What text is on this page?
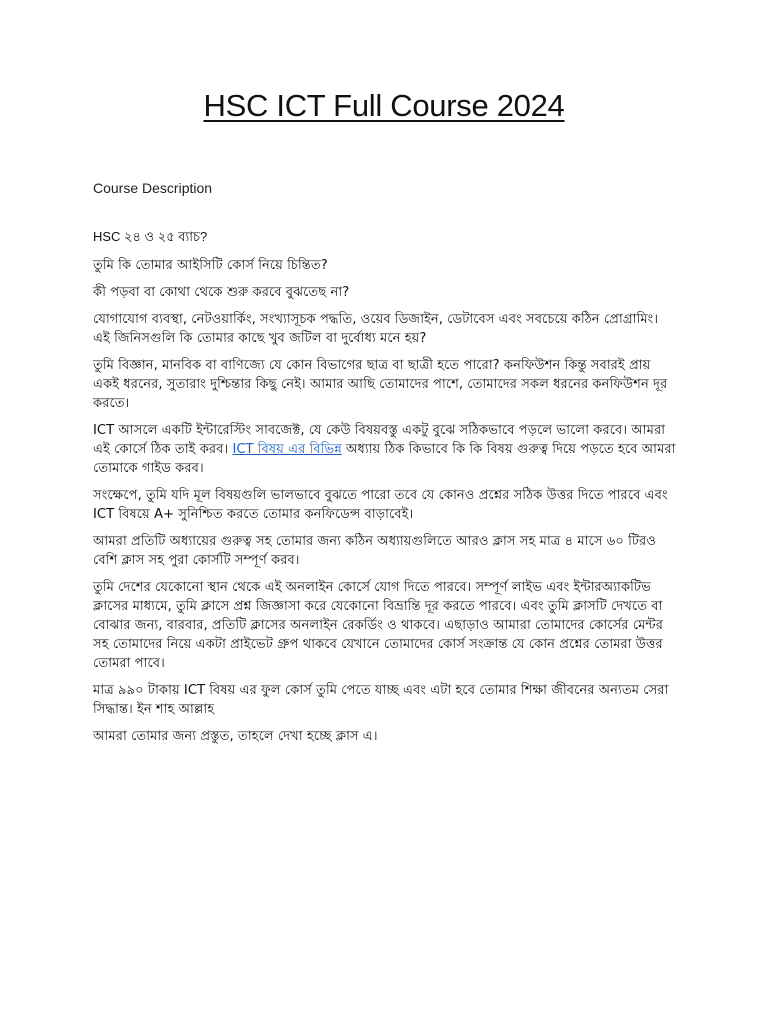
HSC ICT Full Course 2024
Course Description

HSC ২৪ ও ২৫ ব্যাচ?

তুমি কি তোমার আইসিটি কোর্স নিয়ে চিন্তিত?

কী পড়বা বা কোথা থেকে শুরু করবে বুঝতেছ না?

যোগাযোগ ব্যবস্থা, নেটওয়ার্কিং, সংখ্যাসূচক পদ্ধতি, ওয়েব ডিজাইন, ডেটাবেস এবং সবচেয়ে কঠিন প্রোগ্রামিং। এই জিনিসগুলি কি তোমার কাছে খুব জটিল বা দুর্বোধ্য মনে হয়?

তুমি বিজ্ঞান, মানবিক বা বাণিজ্যে যে কোন বিভাগের ছাত্র বা ছাত্রী হতে পারো? কনফিউশন কিন্তু সবারই প্রায় একই ধরনের, সুতারাং দুশ্চিন্তার কিছু নেই। আমার আছি তোমাদের পাশে, তোমাদের সকল ধরনের কনফিউশন দূর করতে।

ICT আসলে একটি ইন্টারেস্টিং সাবজেক্ট, যে কেউ বিষয়বস্তু একটু বুঝে সঠিকভাবে পড়লে ভালো করবে। আমরা এই কোর্সে ঠিক তাই করব। ICT বিষয় এর বিভিন্ন অধ্যায় ঠিক কিভাবে কি কি বিষয় গুরুত্ব দিয়ে পড়তে হবে আমরা তোমাকে গাইড করব।

সংক্ষেপে, তুমি যদি মূল বিষয়গুলি ভালভাবে বুঝতে পারো তবে যে কোনও প্রশ্নের সঠিক উত্তর দিতে পারবে এবং ICT বিষয়ে A+ সুনিশ্চিত করতে তোমার কনফিডেন্স বাড়াবেই।

আমরা প্রতিটি অধ্যায়ের গুরুত্ব সহ তোমার জন্য কঠিন অধ্যায়গুলিতে আরও ক্লাস সহ মাত্র ৪ মাসে ৬০ টিরও বেশি ক্লাস সহ পুরা কোর্সটি সম্পূর্ণ করব।

তুমি দেশের যেকোনো স্থান থেকে এই অনলাইন কোর্সে যোগ দিতে পারবে। সম্পূর্ণ লাইভ এবং ইন্টারঅ্যাকটিভ ক্লাসের মাধ্যমে, তুমি ক্লাসে প্রশ্ন জিজ্ঞাসা করে যেকোনো বিভ্রান্তি দূর করতে পারবে। এবং তুমি ক্লাসটি দেখতে বা বোঝার জন্য, বারবার, প্রতিটি ক্লাসের অনলাইন রেকর্ডিং ও থাকবে। এছাড়াও আমারা তোমাদের কোর্সের মেন্টর সহ তোমাদের নিয়ে একটা প্রাইভেট গ্রুপ থাকবে যেখানে তোমাদের কোর্স সংক্রান্ত যে কোন প্রশ্নের তোমরা উত্তর তোমরা পাবে।

মাত্র ৯৯০ টাকায় ICT বিষয় এর ফুল কোর্স তুমি পেতে যাচ্ছ এবং এটা হবে তোমার শিক্ষা জীবনের অন্যতম সেরা সিদ্ধান্ত। ইন শাহ আল্লাহ

আমরা তোমার জন্য প্রস্তুত, তাহলে দেখা হচ্ছে ক্লাস এ।
